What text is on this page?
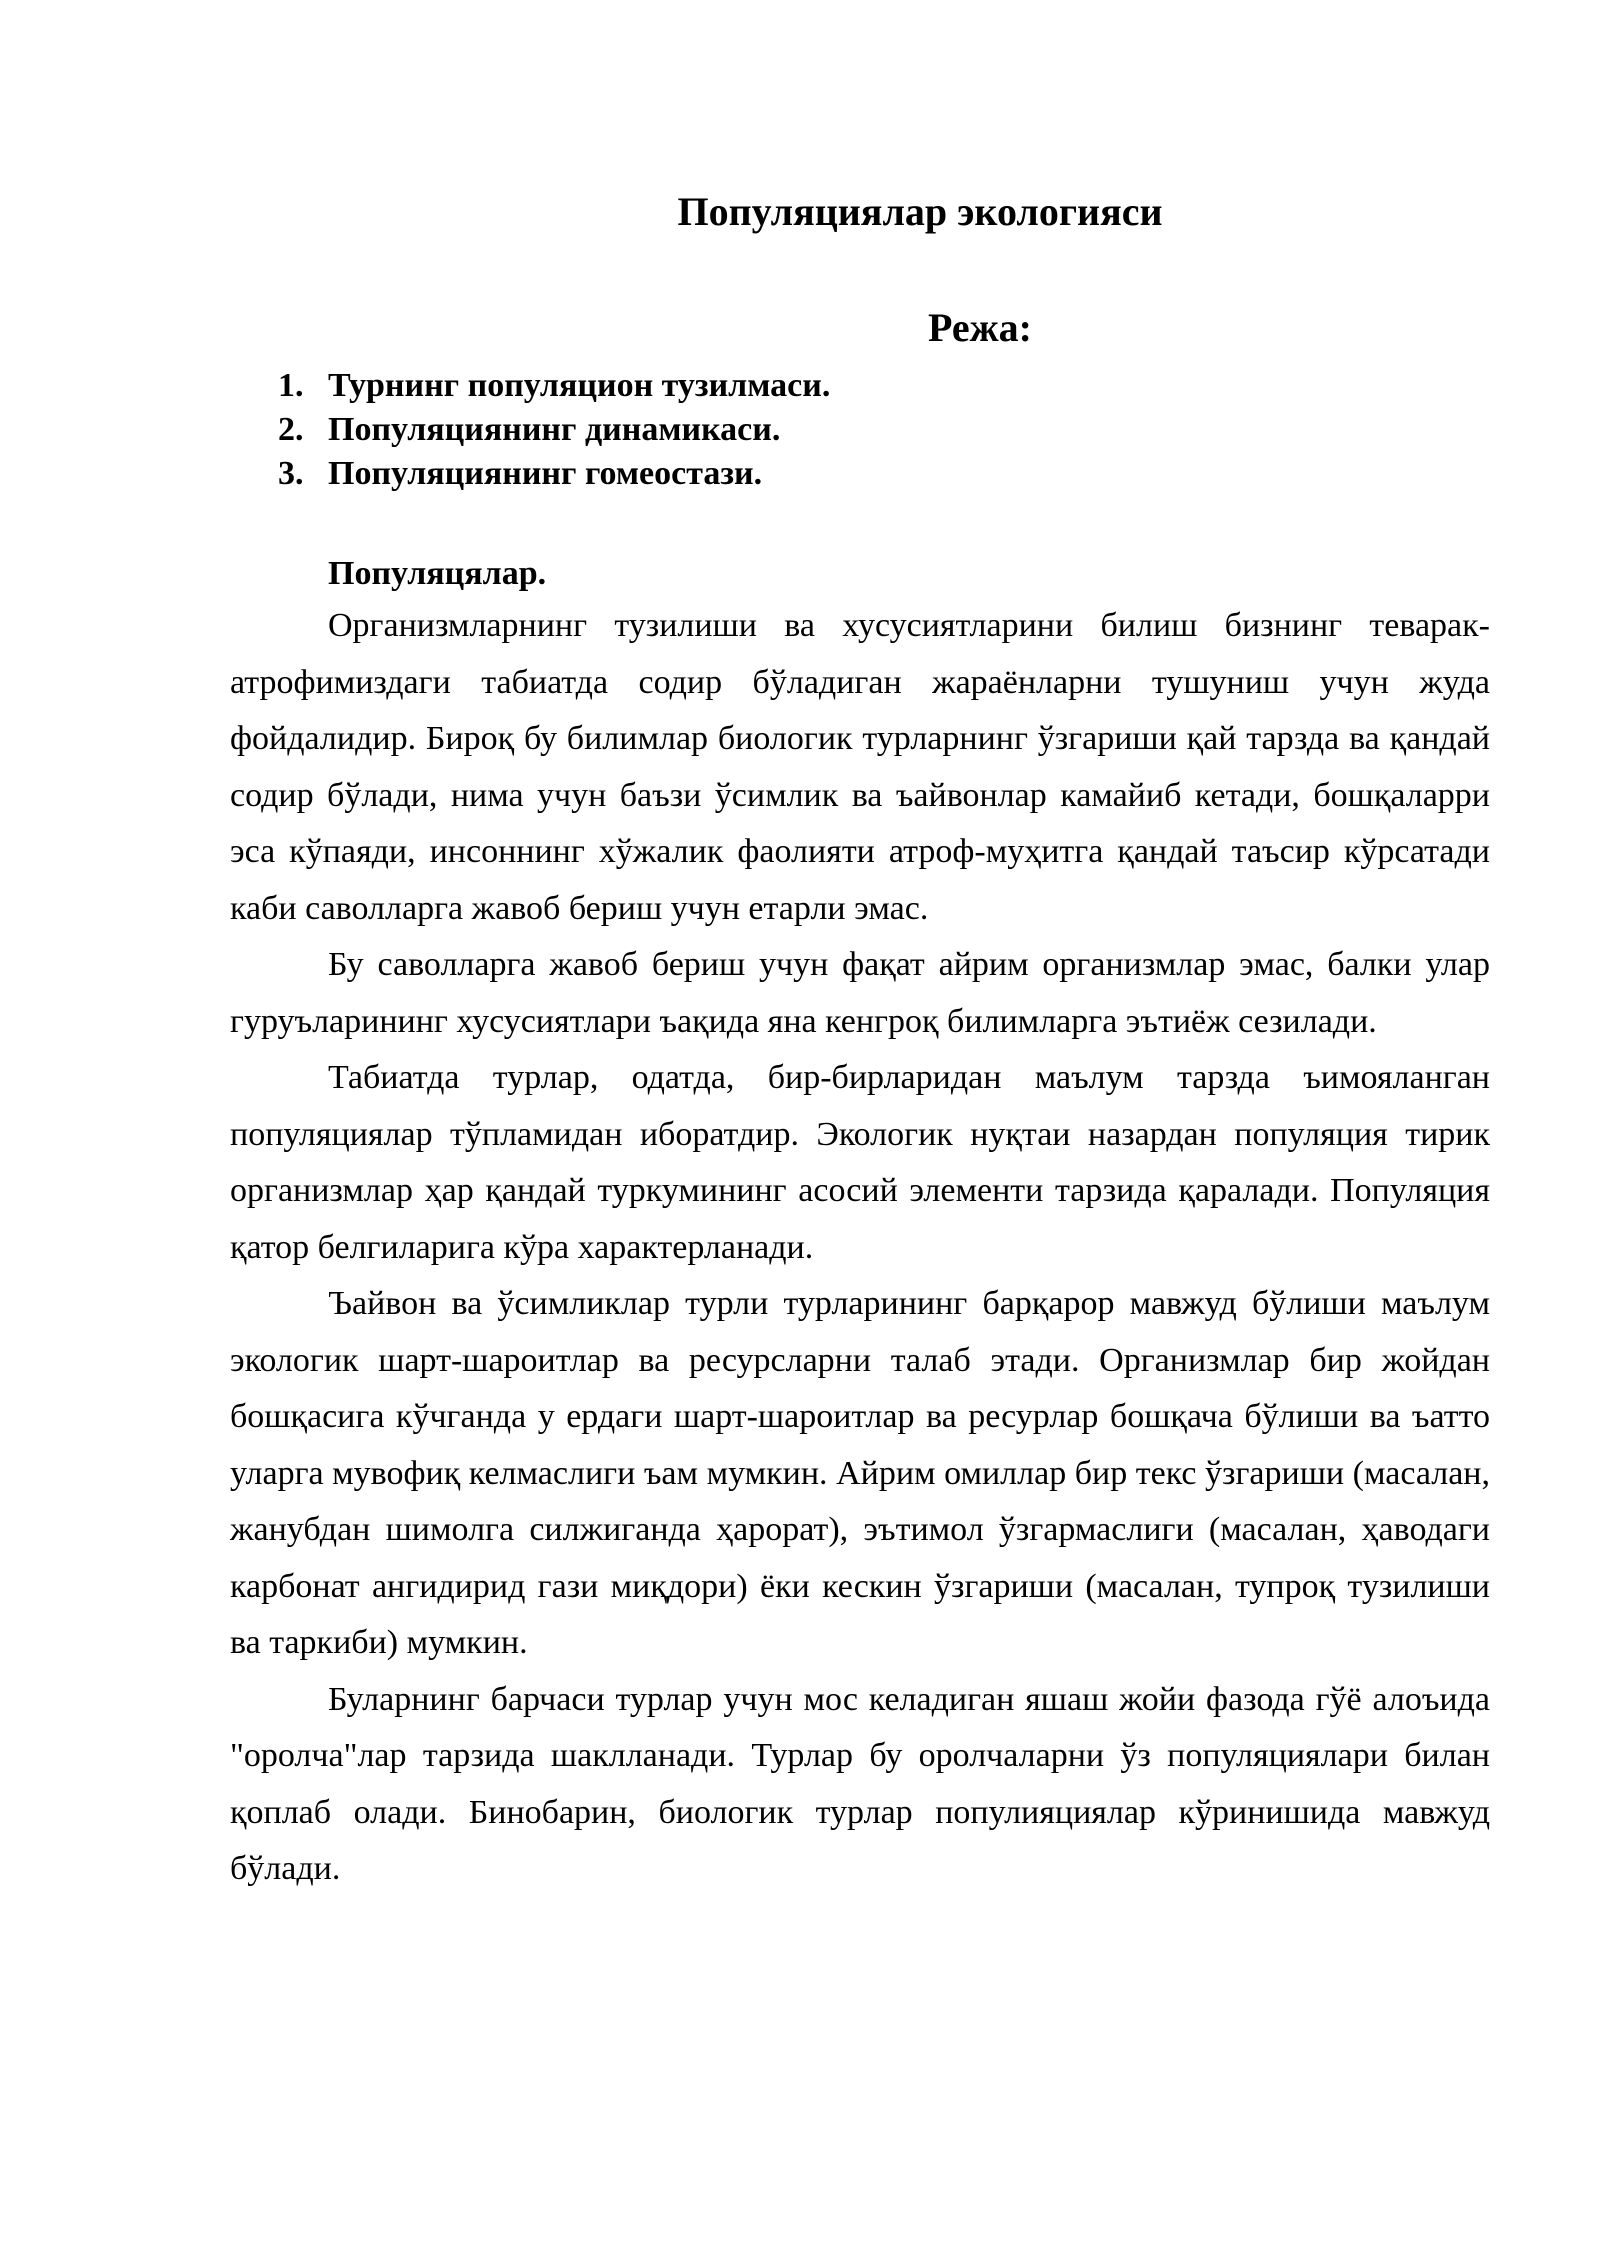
Популяциялар экологияси
Режа:
1. Турнинг популяцион тузилмаси.
2. Популяциянинг динамикаси.
3. Популяциянинг гомеостази.
Популяцялар.

Организмларнинг тузилиши ва хусусиятларини билиш бизнинг теварак-атрофимиздаги табиатда содир бўладиган жараёнларни тушуниш учун жуда фойдалидир. Бироқ бу билимлар биологик турларнинг ўзгариши қай тарзда ва қандай содир бўлади, нима учун баъзи ўсимлик ва ъайвонлар камайиб кетади, бошқаларри эса кўпаяди, инсоннинг хўжалик фаолияти атроф-муҳитга қандай таъсир кўрсатади каби саволларга жавоб бериш учун етарли эмас.

Бу саволларга жавоб бериш учун фақат айрим организмлар эмас, балки улар гуруъларининг хусусиятлари ъақида яна кенгроқ билимларга эътиёж сезилади.

Табиатда турлар, одатда, бир-бирларидан маълум тарзда ъимояланган популяциялар тўпламидан иборатдир. Экологик нуқтаи назардан популяция тирик организмлар ҳар қандай туркумининг асосий элементи тарзида қаралади. Популяция қатор белгиларига кўра характерланади.

Ъайвон ва ўсимликлар турли турларининг барқарор мавжуд бўлиши маълум экологик шарт-шароитлар ва ресурсларни талаб этади. Организмлар бир жойдан бошқасига кўчганда у ердаги шарт-шароитлар ва ресурлар бошқача бўлиши ва ъатто уларга мувофиқ келмаслиги ъам мумкин. Айрим омиллар бир текс ўзгариши (масалан, жанубдан шимолга силжиганда ҳарорат), эътимол ўзгармаслиги (масалан, ҳаводаги карбонат ангидирид гази миқдори) ёки кескин ўзгариши (масалан, тупроқ тузилиши ва таркиби) мумкин.

Буларнинг барчаси турлар учун мос келадиган яшаш жойи фазода гўё алоъида "оролча"лар тарзида шаклланади. Турлар бу оролчаларни ўз популяциялари билан қоплаб олади. Бинобарин, биологик турлар популияциялар кўринишида мавжуд бўлади.
